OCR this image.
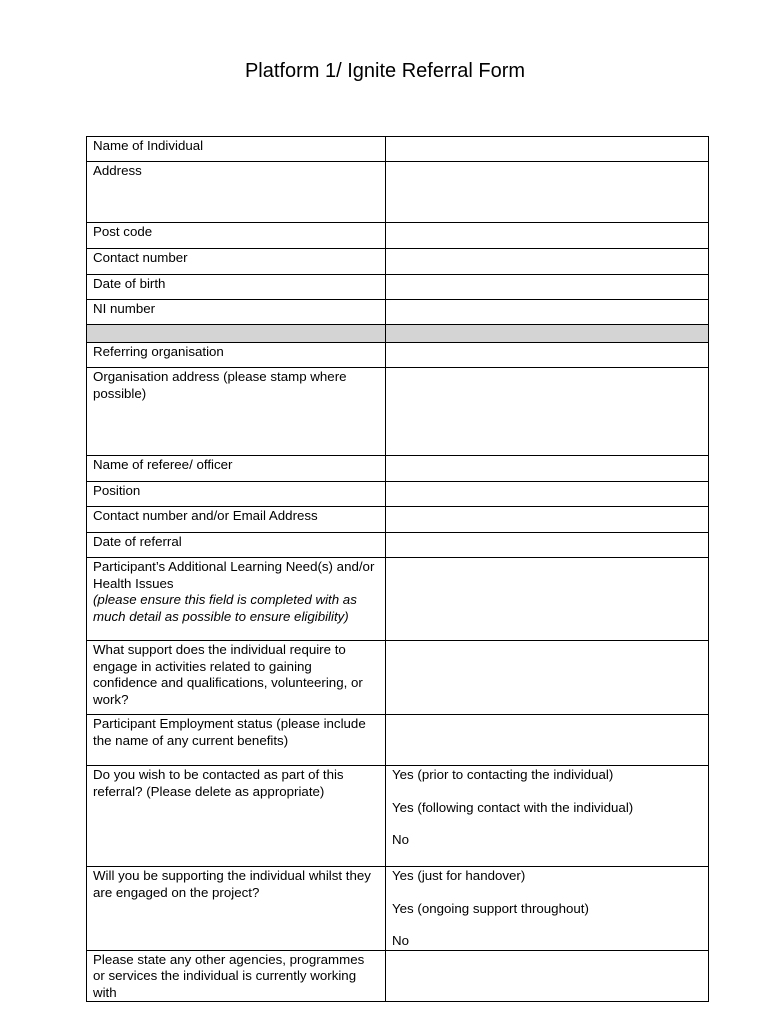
Platform 1/ Ignite Referral Form
Name of Individual	
Address	
Post code	
Contact number	
Date of birth	
NI number	

Referring organisation	
Organisation address (please stamp where possible)	
Name of referee/ officer	
Position	
Contact number and/or Email Address	
Date of referral	
Participant’s Additional Learning Need(s) and/or Health Issues
(please ensure this field is completed with as much detail as possible to ensure eligibility)	
What support does the individual require to engage in activities related to gaining confidence and qualifications, volunteering, or work?	
Participant Employment status (please include the name of any current benefits)	
Do you wish to be contacted as part of this referral? (Please delete as appropriate)	Yes (prior to contacting the individual)
Yes (following contact with the individual)
No

Will you be supporting the individual whilst they are engaged on the project?	Yes (just for handover)
Yes (ongoing support throughout)
No

Please state any other agencies, programmes or services the individual is currently working with	
